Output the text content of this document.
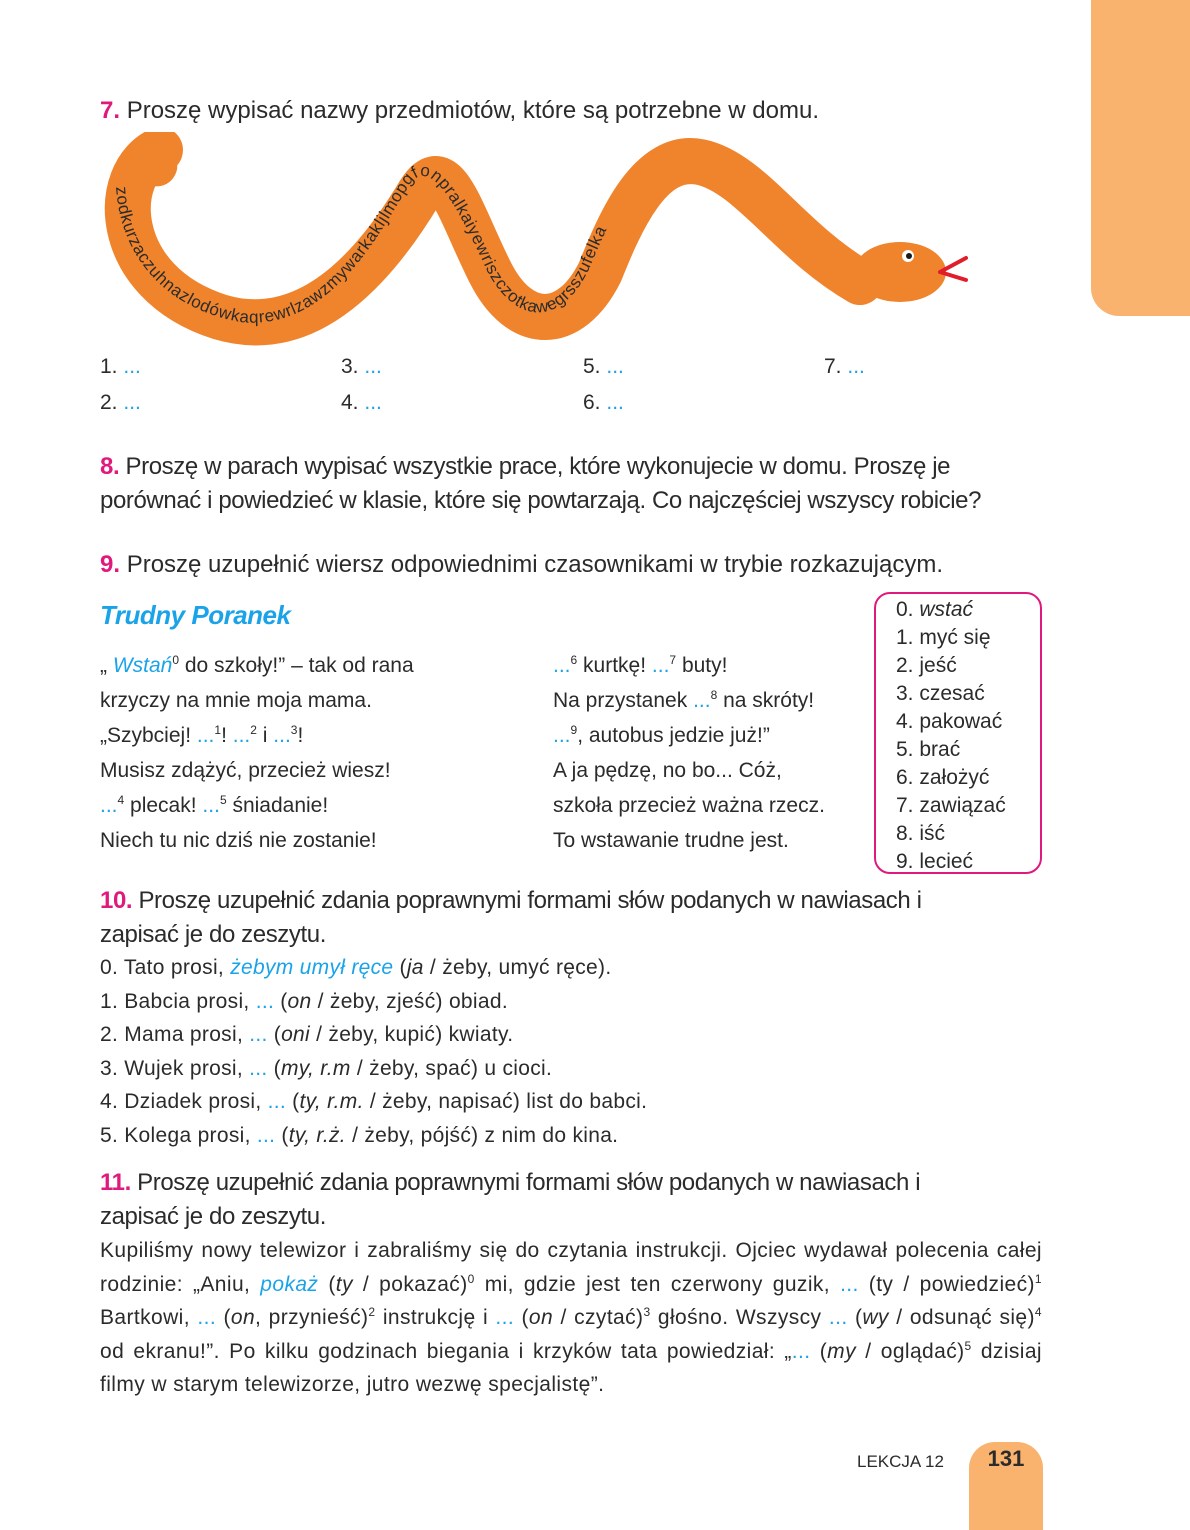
7. Proszę wypisać nazwy przedmiotów, które są potrzebne w domu.
zodkurzaczuhnazlodówkaqrewrlzawzmywarkakljlmopgfonpralkaiyewriszczotkawegrsszufelka
1. ...
2. ...
3. ...
4. ...
5. ...
6. ...
7. ...
8. Proszę w parach wypisać wszystkie prace, które wykonujecie w domu. Proszę je
porównać i powiedzieć w klasie, które się powtarzają. Co najczęściej wszyscy robicie?
9. Proszę uzupełnić wiersz odpowiednimi czasownikami w trybie rozkazującym.
Trudny Poranek
„ Wstań$^0$ do szkoły!” – tak od rana
krzyczy na mnie moja mama.
„Szybciej! ...$^1$! ...$^2$ i ...$^3$!
Musisz zdążyć, przecież wiesz!
...$^4$ plecak! ...$^5$ śniadanie!
Niech tu nic dziś nie zostanie!
...$^6$ kurtkę! ...$^7$ buty!
Na przystanek ...$^8$ na skróty!
...$^9$, autobus jedzie już!”
A ja pędzę, no bo... Cóż,
szkoła przecież ważna rzecz.
To wstawanie trudne jest.
0. wstać
1. myć się
2. jeść
3. czesać
4. pakować
5. brać
6. założyć
7. zawiązać
8. iść
9. lecieć
10. Proszę uzupełnić zdania poprawnymi formami słów podanych w nawiasach i
zapisać je do zeszytu.
0. Tato prosi, żebym umył ręce (ja / żeby, umyć ręce).
1. Babcia prosi, ... (on / żeby, zjeść) obiad.
2. Mama prosi, ... (oni / żeby, kupić) kwiaty.
3. Wujek prosi, ... (my, r.m / żeby, spać) u cioci.
4. Dziadek prosi, ... (ty, r.m. / żeby, napisać) list do babci.
5. Kolega prosi, ... (ty, r.ż. / żeby, pójść) z nim do kina.
11. Proszę uzupełnić zdania poprawnymi formami słów podanych w nawiasach i
zapisać je do zeszytu.
Kupiliśmy nowy telewizor i zabraliśmy się do czytania instrukcji. Ojciec wydawał polecenia całej rodzinie: „Aniu, pokaż (ty / pokazać)$^0$ mi, gdzie jest ten czerwony guzik, ... (ty / powiedzieć)$^1$ Bartkowi, ... (on, przynieść)$^2$ instrukcję i ... (on / czytać)$^3$ głośno. Wszyscy ... (wy / odsunąć się)$^4$ od ekranu!”. Po kilku godzinach biegania i krzyków tata powiedział: „... (my / oglądać)$^5$ dzisiaj filmy w starym telewizorze, jutro wezwę specjalistę”.
LEKCJA 12	131
